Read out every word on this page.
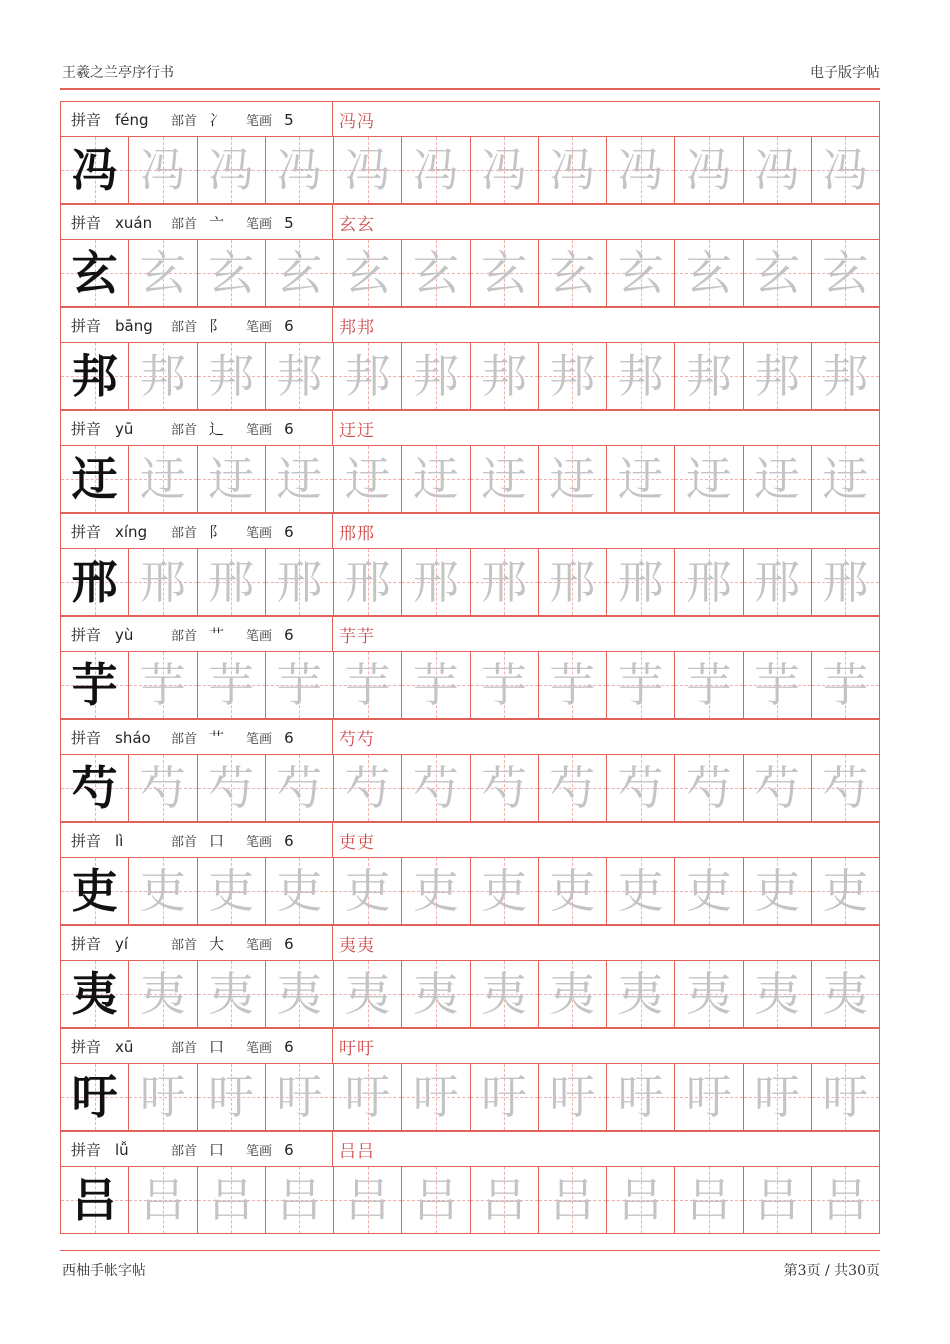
王羲之兰亭序行书	电子版字帖
拼音 féng	部首 冫 笔画 5	冯冯
冯 冯 冯 冯 冯 冯 冯 冯 冯 冯 冯 冯
拼音 xuán 部首 亠 笔画 5	玄玄
玄 玄 玄 玄 玄 玄 玄 玄 玄 玄 玄 玄
拼音 bāng 部首 阝 笔画 6	邦邦
邦 邦 邦 邦 邦 邦 邦 邦 邦 邦 邦 邦
拼音 yū	部首 辶 笔画 6	迂迂
迂 迂 迂 迂 迂 迂 迂 迂 迂 迂 迂 迂
拼音 xíng	部首 阝 笔画 6	邢邢
邢 邢 邢 邢 邢 邢 邢 邢 邢 邢 邢 邢
拼音 yù	部首 艹 笔画 6	芋芋
芋 芋 芋 芋 芋 芋 芋 芋 芋 芋 芋 芋
拼音 sháo	部首 艹 笔画 6	芍芍
芍 芍 芍 芍 芍 芍 芍 芍 芍 芍 芍 芍
拼音 lì	部首 口 笔画 6	吏吏
吏 吏 吏 吏 吏 吏 吏 吏 吏 吏 吏 吏
拼音 yí	部首 大 笔画 6	夷夷
夷 夷 夷 夷 夷 夷 夷 夷 夷 夷 夷 夷
拼音 xū	部首 口 笔画 6	吁吁
吁 吁 吁 吁 吁 吁 吁 吁 吁 吁 吁 吁
拼音 lǚ	部首 口 笔画 6	吕吕
吕 吕 吕 吕 吕 吕 吕 吕 吕 吕 吕 吕
西柚手帐字帖	第3页 / 共30页
